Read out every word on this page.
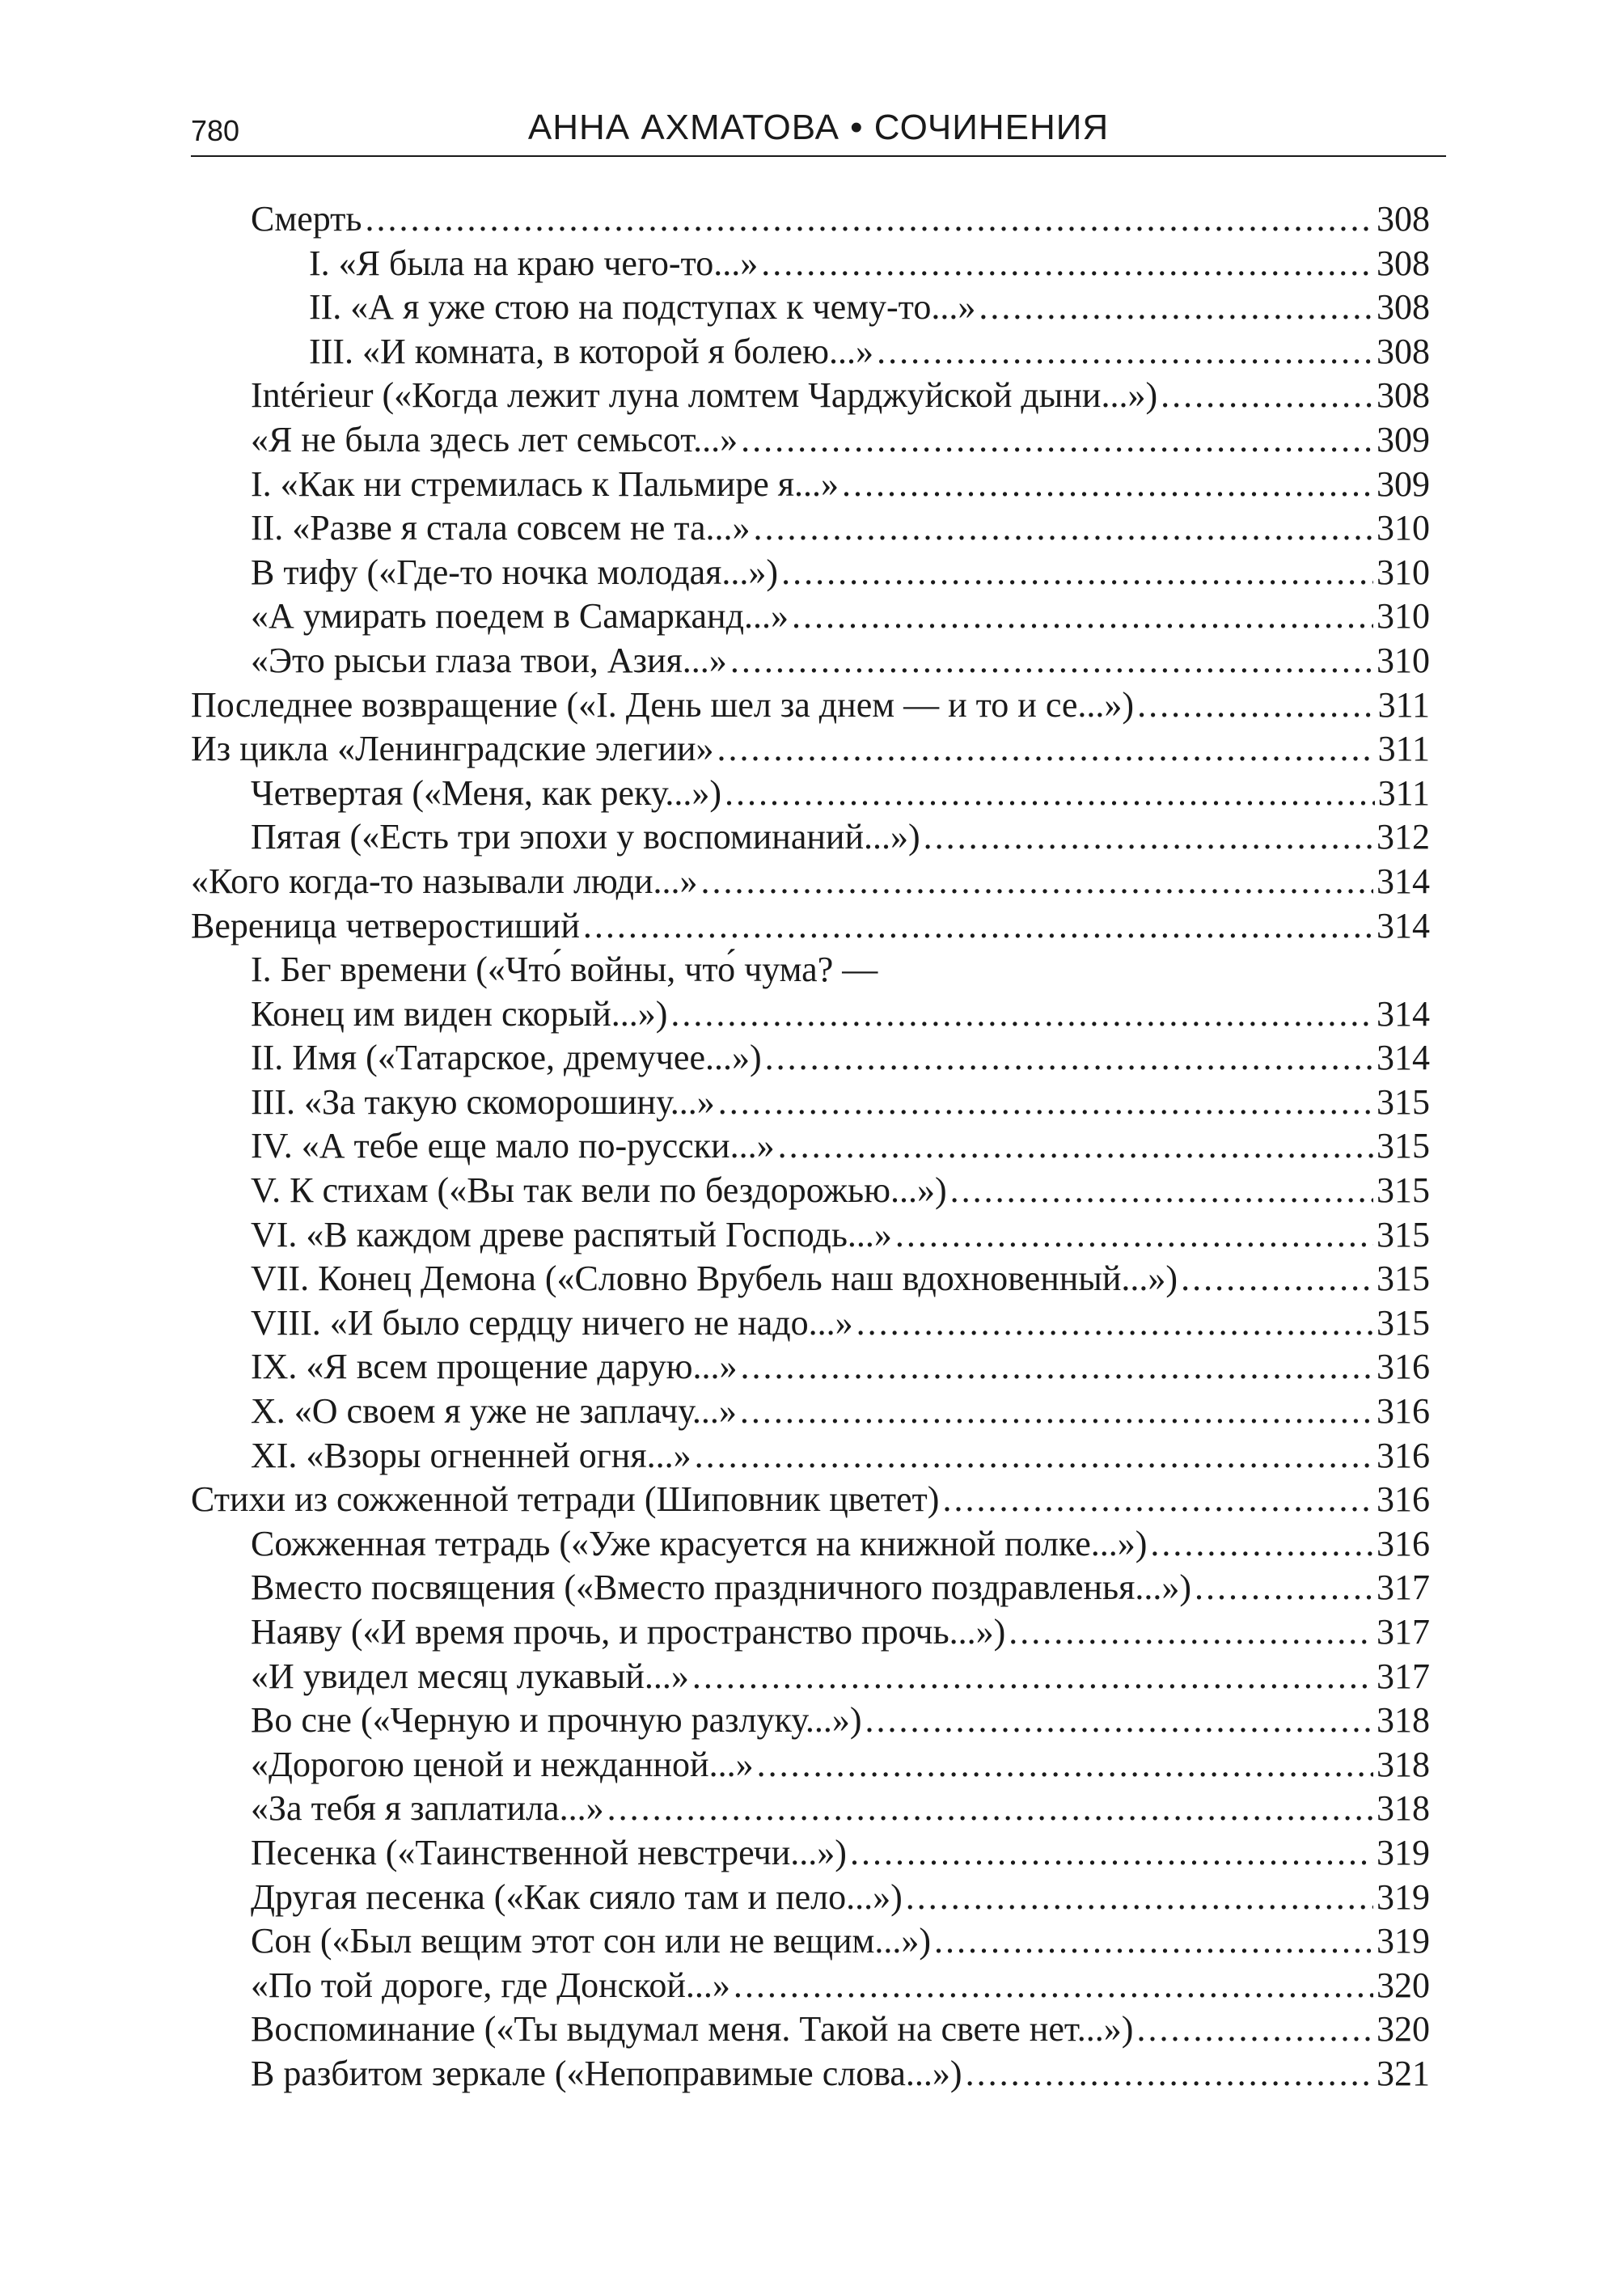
780	АННА АХМАТОВА • СОЧИНЕНИЯ
Смерть . . .	308
I. «Я была на краю чего-то...» . . .	308
II. «А я уже стою на подступах к чему-то...» . . .	308
III. «И комната, в которой я болею...» . . .	308
Intérieur («Когда лежит луна ломтем Чарджуйской дыни...») . . .	308
«Я не была здесь лет семьсот...» . . .	309
I. «Как ни стремилась к Пальмире я...» . . .	309
II. «Разве я стала совсем не та...» . . .	310
В тифу («Где-то ночка молодая...») . . .	310
«А умирать поедем в Самарканд...» . . .	310
«Это рысьи глаза твои, Азия...» . . .	310
Последнее возвращение («I. День шел за днем — и то и се...») . . .	311
Из цикла «Ленинградские элегии» . . .	311
Четвертая («Меня, как реку...») . . .	311
Пятая («Есть три эпохи у воспоминаний...») . . .	312
«Кого когда-то называли люди...» . . .	314
Вереница четверостиший . . .	314
I. Бег времени («Что́ войны, что́ чума? —
Конец им виден скорый...») . . .	314
II. Имя («Татарское, дремучее...») . . .	314
III. «За такую скоморошину...» . . .	315
IV. «А тебе еще мало по-русски...» . . .	315
V. К стихам («Вы так вели по бездорожью...») . . .	315
VI. «В каждом древе распятый Господь...» . . .	315
VII. Конец Демона («Словно Врубель наш вдохновенный...») . . .	315
VIII. «И было сердцу ничего не надо...» . . .	315
IX. «Я всем прощение дарую...» . . .	316
X. «О своем я уже не заплачу...» . . .	316
XI. «Взоры огненней огня...» . . .	316
Стихи из сожженной тетради (Шиповник цветет) . . .	316
Сожженная тетрадь («Уже красуется на книжной полке...») . . .	316
Вместо посвящения («Вместо праздничного поздравленья...») . . .	317
Наяву («И время прочь, и пространство прочь...») . . .	317
«И увидел месяц лукавый...» . . .	317
Во сне («Черную и прочную разлуку...») . . .	318
«Дорогою ценой и нежданной...» . . .	318
«За тебя я заплатила...» . . .	318
Песенка («Таинственной невстречи...») . . .	319
Другая песенка («Как сияло там и пело...») . . .	319
Сон («Был вещим этот сон или не вещим...») . . .	319
«По той дороге, где Донской...» . . .	320
Воспоминание («Ты выдумал меня. Такой на свете нет...») . . .	320
В разбитом зеркале («Непоправимые слова...») . . .	321
